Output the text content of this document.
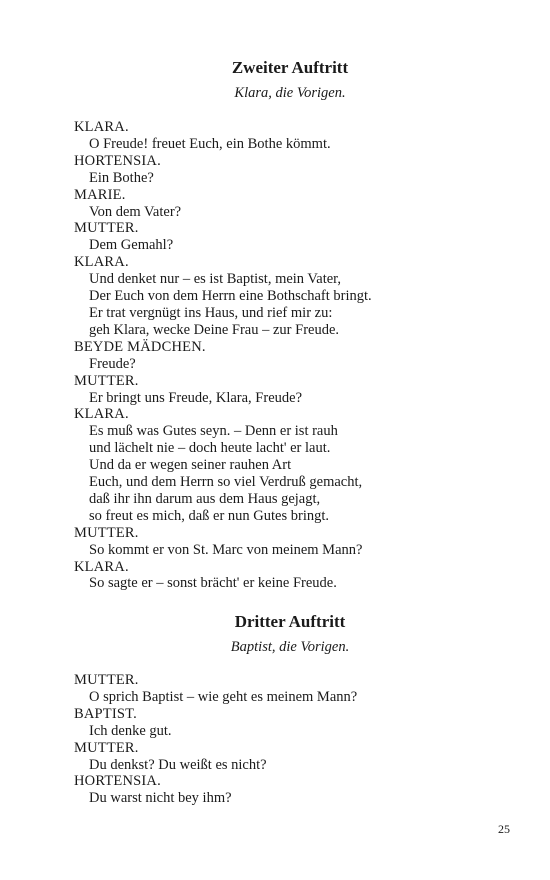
Zweiter Auftritt

Klara, die Vorigen.

KLARA.
O Freude! freuet Euch, ein Bothe kömmt.
HORTENSIA.
Ein Bothe?
MARIE.
Von dem Vater?
MUTTER.
Dem Gemahl?
KLARA.
Und denket nur – es ist Baptist, mein Vater,
Der Euch von dem Herrn eine Bothschaft bringt.
Er trat vergnügt ins Haus, und rief mir zu:
geh Klara, wecke Deine Frau – zur Freude.
BEYDE MÄDCHEN.
Freude?
MUTTER.
Er bringt uns Freude, Klara, Freude?
KLARA.
Es muß was Gutes seyn. – Denn er ist rauh
und lächelt nie – doch heute lacht' er laut.
Und da er wegen seiner rauhen Art
Euch, und dem Herrn so viel Verdruß gemacht,
daß ihr ihn darum aus dem Haus gejagt,
so freut es mich, daß er nun Gutes bringt.
MUTTER.
So kommt er von St. Marc von meinem Mann?
KLARA.
So sagte er – sonst brächt' er keine Freude.
Dritter Auftritt

Baptist, die Vorigen.

MUTTER.
O sprich Baptist – wie geht es meinem Mann?
BAPTIST.
Ich denke gut.
MUTTER.
Du denkst? Du weißt es nicht?
HORTENSIA.
Du warst nicht bey ihm?
25
